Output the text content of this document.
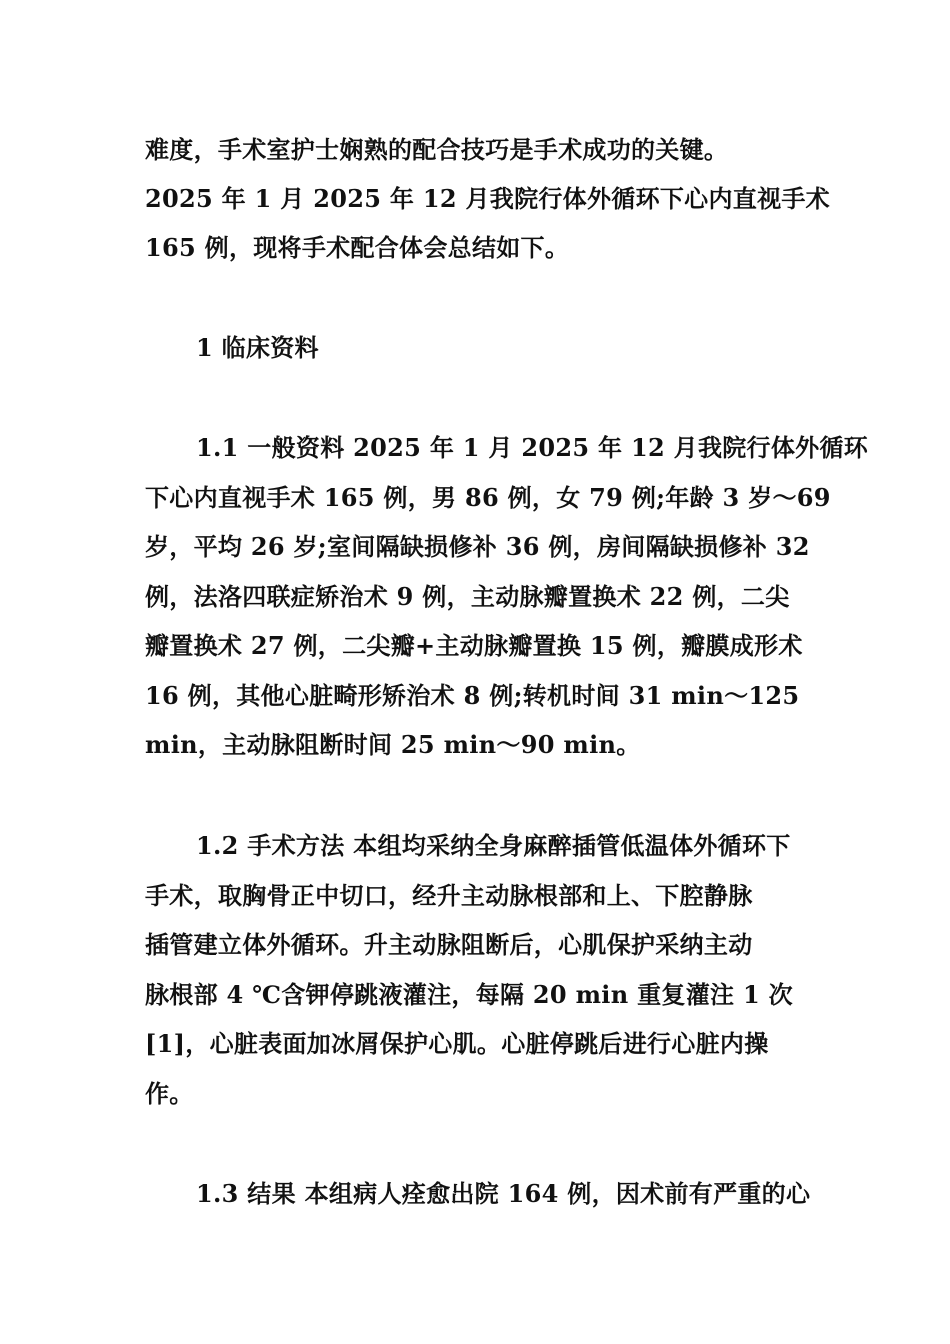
难度，手术室护士娴熟的配合技巧是手术成功的关键。
2025 年 1 月 2025 年 12 月我院行体外循环下心内直视手术
165 例，现将手术配合体会总结如下。
1 临床资料
1.1 一般资料 2025 年 1 月 2025 年 12 月我院行体外循环
下心内直视手术 165 例，男 86 例，女 79 例;年龄 3 岁～69
岁，平均 26 岁;室间隔缺损修补 36 例，房间隔缺损修补 32
例，法洛四联症矫治术 9 例，主动脉瓣置换术 22 例，二尖
瓣置换术 27 例，二尖瓣+主动脉瓣置换 15 例，瓣膜成形术
16 例，其他心脏畸形矫治术 8 例;转机时间 31 min～125
min，主动脉阻断时间 25 min～90 min。
1.2 手术方法 本组均采纳全身麻醉插管低温体外循环下
手术，取胸骨正中切口，经升主动脉根部和上、下腔静脉
插管建立体外循环。升主动脉阻断后，心肌保护采纳主动
脉根部 4 ℃含钾停跳液灌注，每隔 20 min 重复灌注 1 次
[1]，心脏表面加冰屑保护心肌。心脏停跳后进行心脏内操
作。
1.3 结果 本组病人痊愈出院 164 例，因术前有严重的心
